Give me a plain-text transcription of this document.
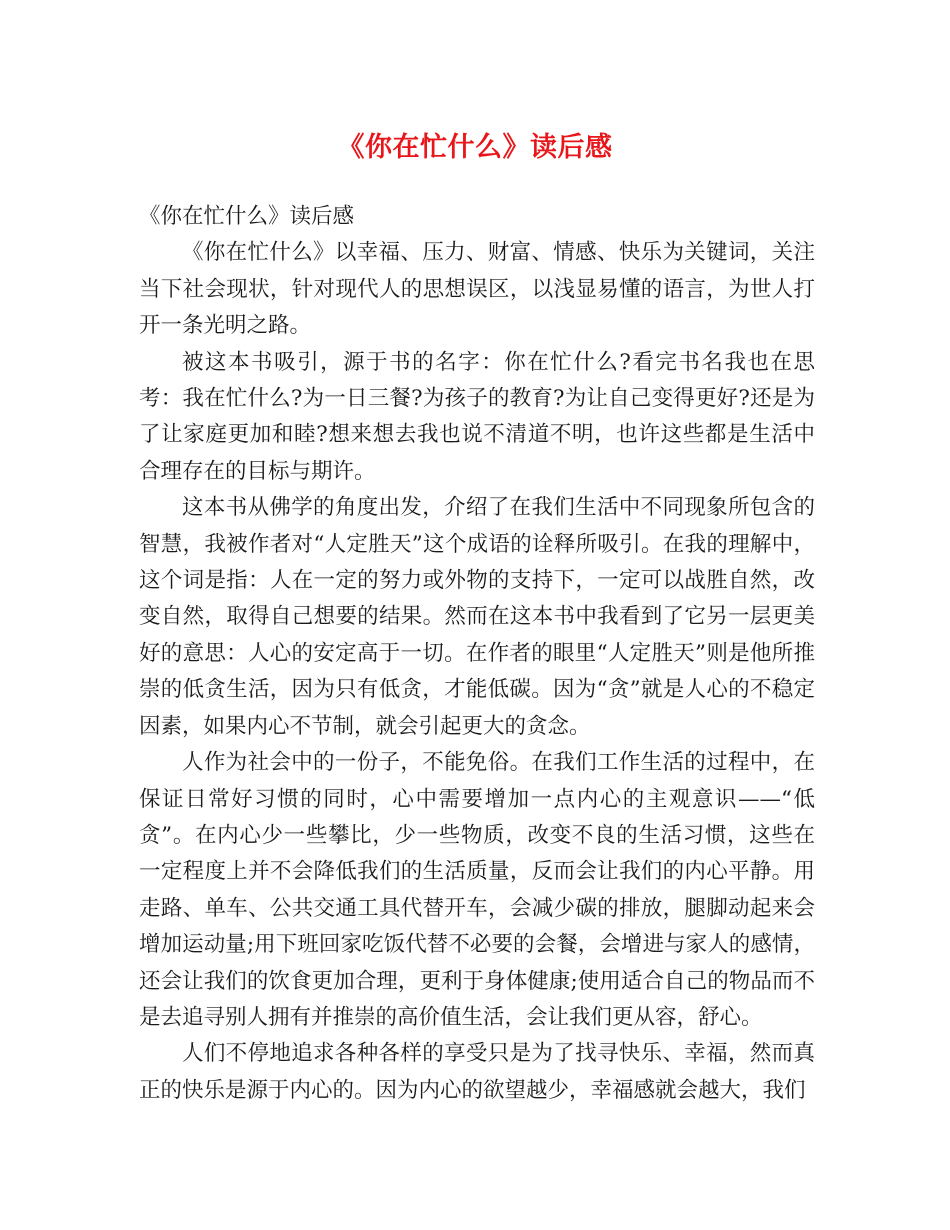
《你在忙什么》读后感

《你在忙什么》读后感

《你在忙什么》以幸福、压力、财富、情感、快乐为关键词，关注当下社会现状，针对现代人的思想误区，以浅显易懂的语言，为世人打开一条光明之路。

被这本书吸引，源于书的名字：你在忙什么?看完书名我也在思考：我在忙什么?为一日三餐?为孩子的教育?为让自己变得更好?还是为了让家庭更加和睦?想来想去我也说不清道不明，也许这些都是生活中合理存在的目标与期许。

这本书从佛学的角度出发，介绍了在我们生活中不同现象所包含的智慧，我被作者对“人定胜天”这个成语的诠释所吸引。在我的理解中，这个词是指：人在一定的努力或外物的支持下，一定可以战胜自然，改变自然，取得自己想要的结果。然而在这本书中我看到了它另一层更美好的意思：人心的安定高于一切。在作者的眼里“人定胜天”则是他所推崇的低贪生活，因为只有低贪，才能低碳。因为“贪”就是人心的不稳定因素，如果内心不节制，就会引起更大的贪念。

人作为社会中的一份子，不能免俗。在我们工作生活的过程中，在保证日常好习惯的同时，心中需要增加一点内心的主观意识——“低贪”。在内心少一些攀比，少一些物质，改变不良的生活习惯，这些在一定程度上并不会降低我们的生活质量，反而会让我们的内心平静。用走路、单车、公共交通工具代替开车，会减少碳的排放，腿脚动起来会增加运动量;用下班回家吃饭代替不必要的会餐，会增进与家人的感情，还会让我们的饮食更加合理，更利于身体健康;使用适合自己的物品而不是去追寻别人拥有并推崇的高价值生活，会让我们更从容，舒心。

人们不停地追求各种各样的享受只是为了找寻快乐、幸福，然而真正的快乐是源于内心的。因为内心的欲望越少，幸福感就会越大，我们
